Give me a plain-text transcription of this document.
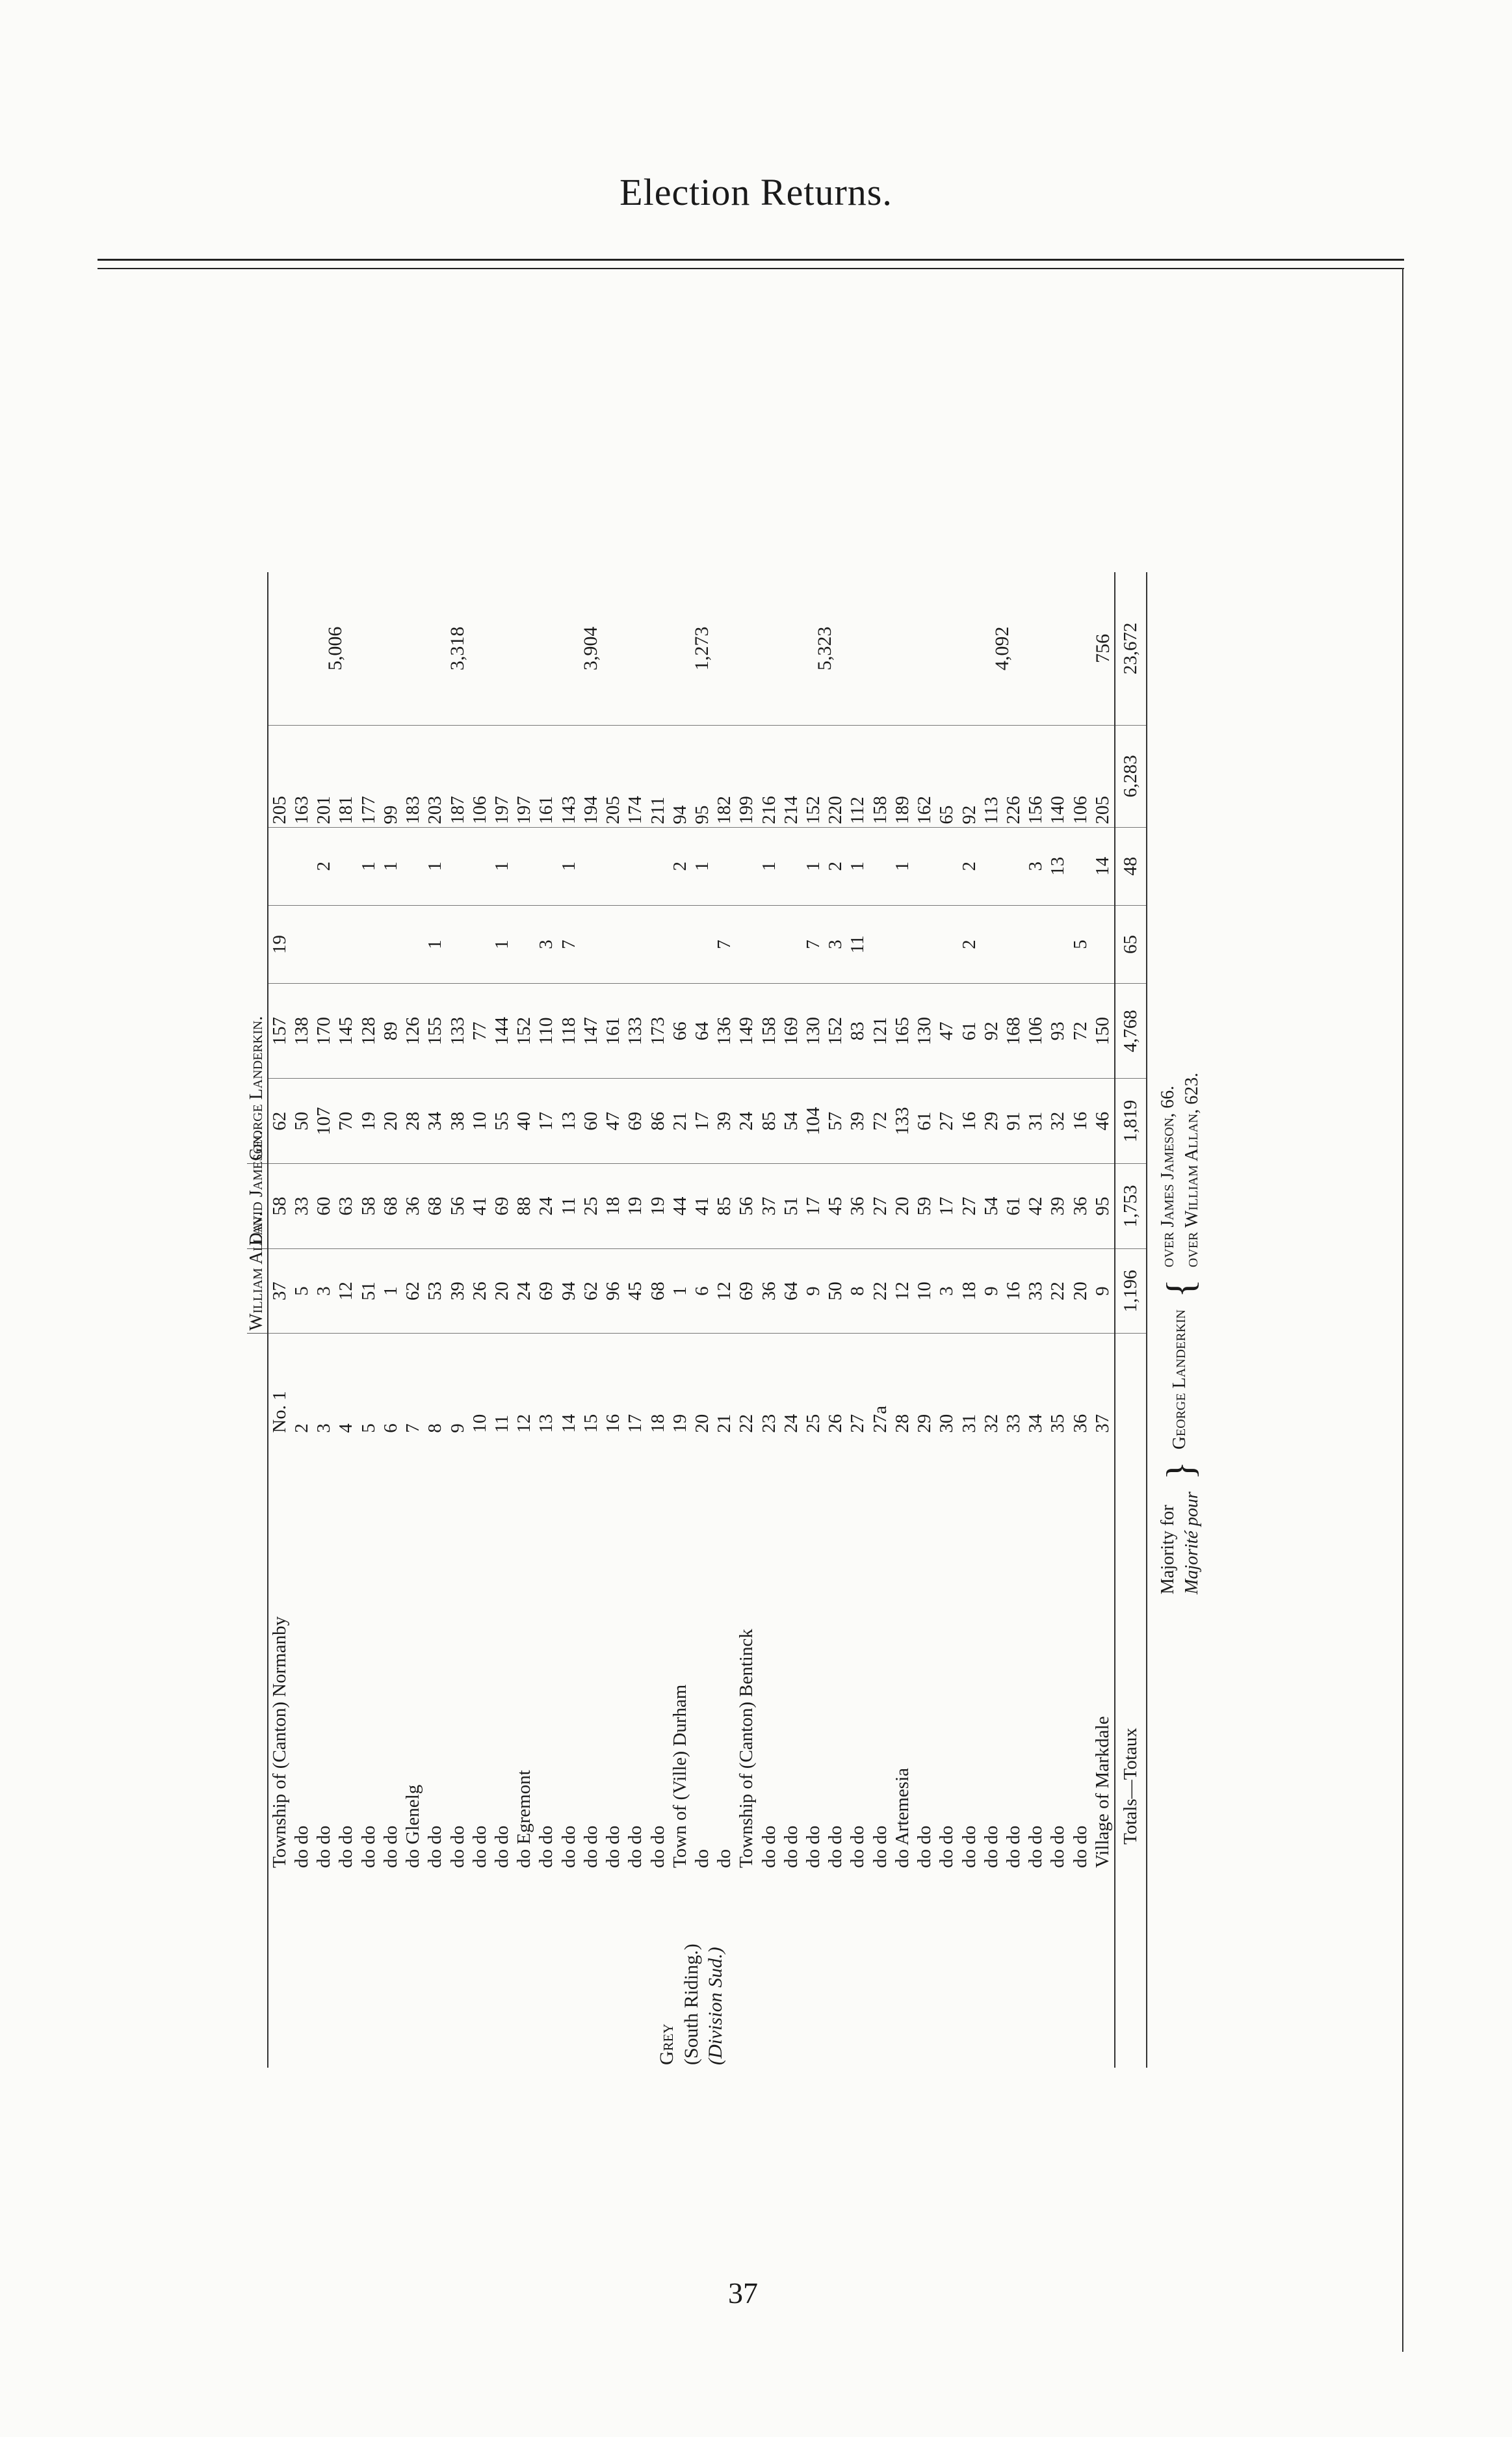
Election Returns.
			William Allan.	David Jameson.	George Landerkin.					

Grey (South Riding.) (Division Sud.)	Township of (Canton) Normanby	No. 1	37	58	62	157	19		205	5,006
	do do	2	5	33	50	138			163	
	do do	3	3	60	107	170		2	201	
	do do	4	12	63	70	145			181	
	do do	5	51	58	19	128		1	177	
	do do	6	1	68	20	89		1	99	
	do Glenelg	7	62	36	28	126			183	3,318
	do do	8	53	68	34	155	1	1	203	
	do do	9	39	56	38	133			187	
	do do	10	26	41	10	77			106	
	do do	11	20	69	55	144	1	1	197	
	do Egremont	12	24	88	40	152			197	3,904
	do do	13	69	24	17	110	3		161	
	do do	14	94	11	13	118	7	1	143	
	do do	15	62	25	60	147			194	
	do do	16	96	18	47	161			205	
	do do	17	45	19	69	133			174	
	do do	18	68	19	86	173			211	
	Town of (Ville) Durham	19	1	44	21	66		2	94	1,273
	do	20	6	41	17	64		1	95	
	do	21	12	85	39	136	7		182	
	Township of (Canton) Bentinck	22	69	56	24	149			199	5,323
	do do	23	36	37	85	158		1	216	
	do do	24	64	51	54	169			214	
	do do	25	9	17	104	130	7	1	152	
	do do	26	50	45	57	152	3	2	220	
	do do	27	8	36	39	83	11	1	112	
	do do	27a	22	27	72	121			158	
	do Artemesia	28	12	20	133	165		1	189	
	do do	29	10	59	61	130			162	4,092
	do do	30	3	17	27	47			65	
	do do	31	18	27	16	61	2	2	92	
	do do	32	9	54	29	92			113	
	do do	33	16	61	91	168			226	
	do do	34	33	42	31	106		3	156	
	do do	35	22	39	32	93		13	140	
	do do	36	20	36	16	72	5		106	
	Village of Markdale	37	9	95	46	150		14	205	756
	Totals—Totaux		1,196	1,753	1,819	4,768	65	48	6,283	23,672

Majority for Majorité pour
	}	George Landerkin	{	
over James Jameson, 66. over William Allan, 623.
37
